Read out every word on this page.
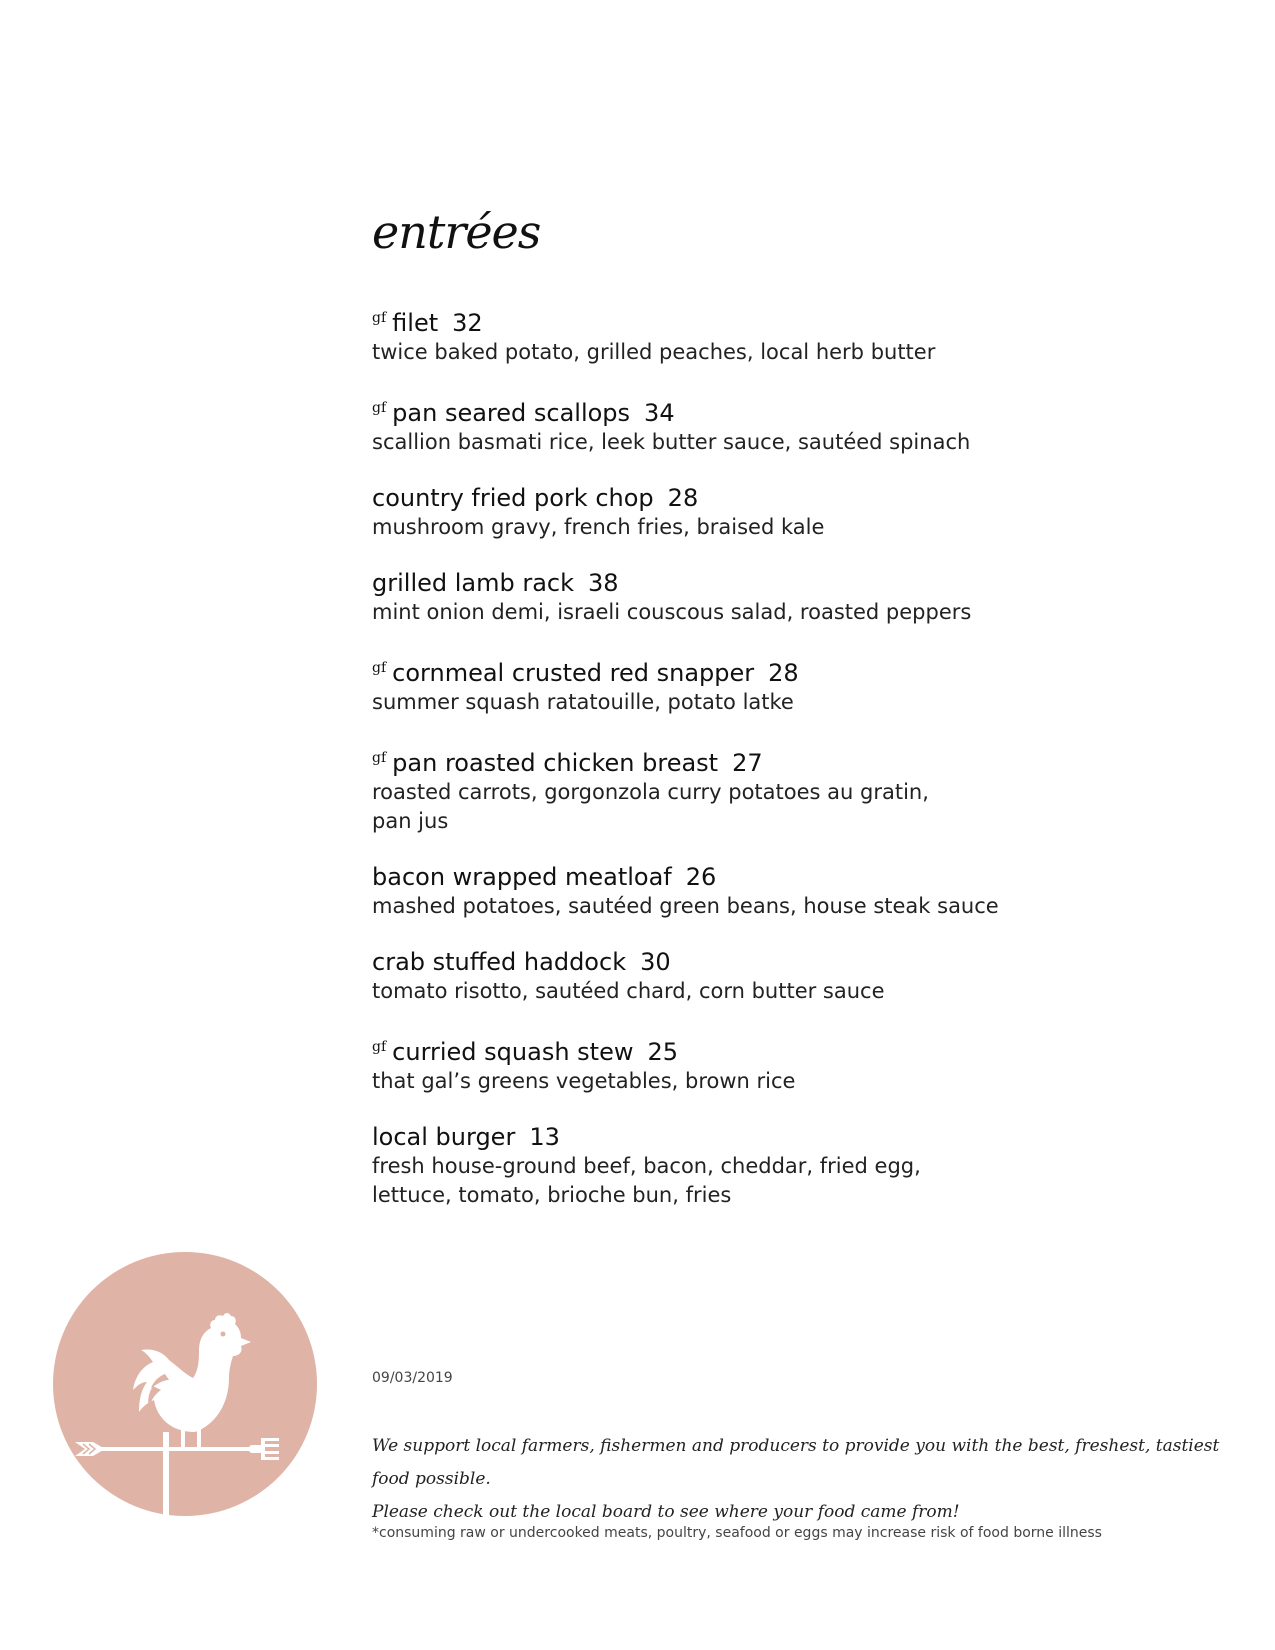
entrées
$^{gf}$ filet 32
twice baked potato, grilled peaches, local herb butter
$^{gf}$ pan seared scallops 34
scallion basmati rice, leek butter sauce, sautéed spinach
country fried pork chop 28
mushroom gravy, french fries, braised kale
grilled lamb rack 38
mint onion demi, israeli couscous salad, roasted peppers
$^{gf}$ cornmeal crusted red snapper 28
summer squash ratatouille, potato latke
$^{gf}$ pan roasted chicken breast 27
roasted carrots, gorgonzola curry potatoes au gratin,
pan jus
bacon wrapped meatloaf 26
mashed potatoes, sautéed green beans, house steak sauce
crab stuffed haddock 30
tomato risotto, sautéed chard, corn butter sauce
$^{gf}$ curried squash stew 25
that gal’s greens vegetables, brown rice
local burger 13
fresh house-ground beef, bacon, cheddar, fried egg,
lettuce, tomato, brioche bun, fries
09/03/2019
We support local farmers, fishermen and producers to provide you with the best, freshest, tastiest food possible.
Please check out the local board to see where your food came from!
*consuming raw or undercooked meats, poultry, seafood or eggs may increase risk of food borne illness
